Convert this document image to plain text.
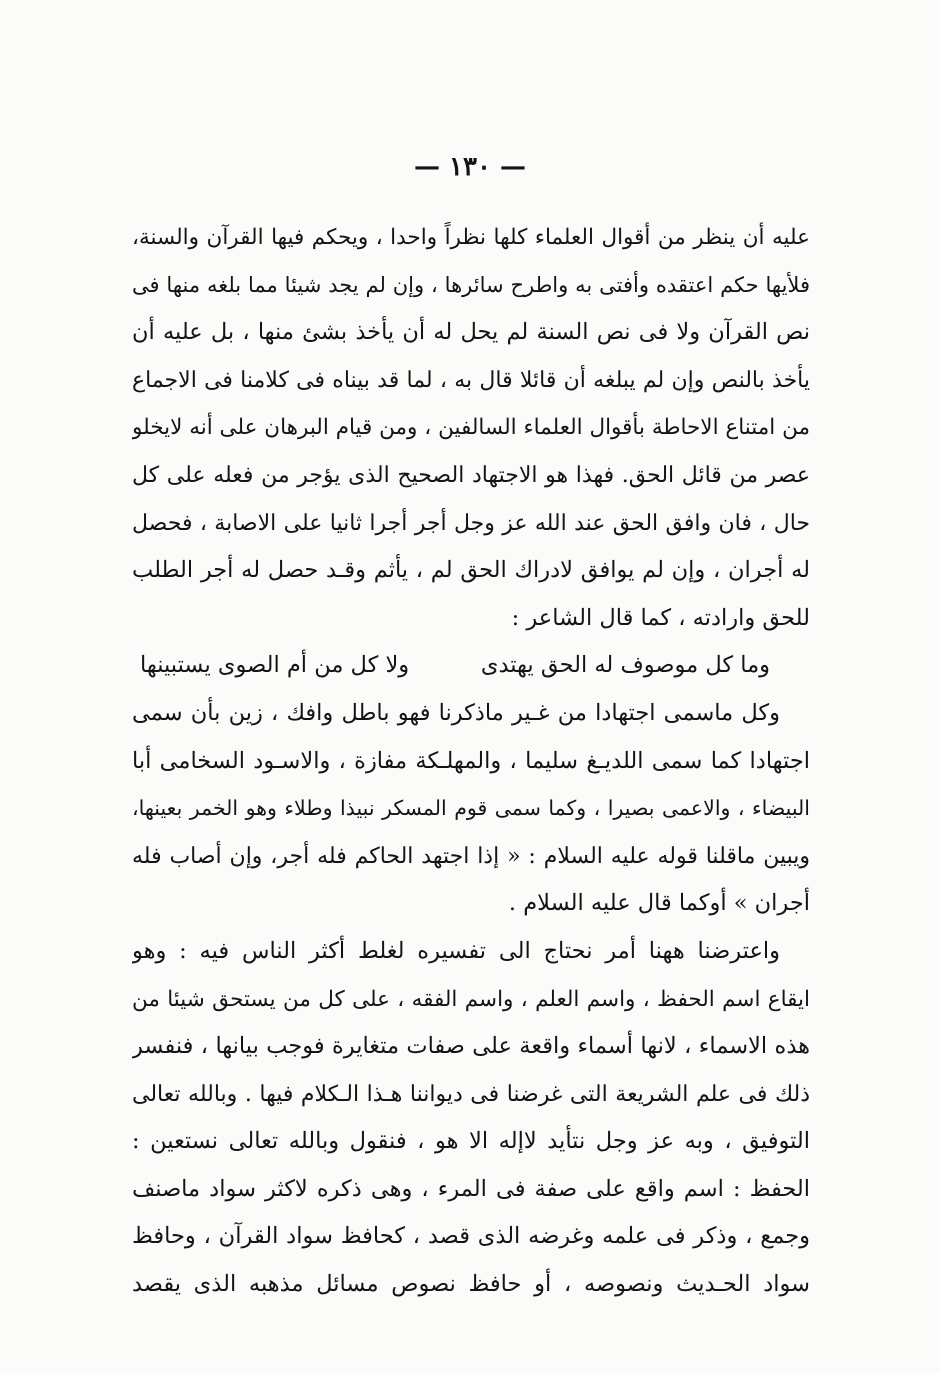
— ١٣٠ —
عليه أن ينظر من أقوال العلماء كلها نظراً واحدا ، ويحكم فيها القرآن والسنة،
فلأيها حكم اعتقده وأفتى به واطرح سائرها ، وإن لم يجد شيئا مما بلغه منها فى
نص القرآن ولا فى نص السنة لم يحل له أن يأخذ بشئ منها ، بل عليه أن
يأخذ بالنص وإن لم يبلغه أن قائلا قال به ، لما قد بيناه فى كلامنا فى الاجماع
من امتناع الاحاطة بأقوال العلماء السالفين ، ومن قيام البرهان على أنه لايخلو
عصر من قائل الحق. فهذا هو الاجتهاد الصحيح الذى يؤجر من فعله على كل
حال ، فان وافق الحق عند الله عز وجل أجر أجرا ثانيا على الاصابة ، فحصل
له أجران ، وإن لم يوافق لادراك الحق لم ، يأثم وقـد حصل له أجر الطلب
للحق وارادته ، كما قال الشاعر :
وما كل موصوف له الحق يهتدى
ولا كل من أم الصوى يستبينها
وكل ماسمى اجتهادا من غـير ماذكرنا فهو باطل وافك ، زين بأن سمى
اجتهادا كما سمى اللديـغ سليما ، والمهلـكة مفازة ، والاسـود السخامى أبا
البيضاء ، والاعمى بصيرا ، وكما سمى قوم المسكر نبيذا وطلاء وهو الخمر بعينها،
ويبين ماقلنا قوله عليه السلام : « إذا اجتهد الحاكم فله أجر، وإن أصاب فله
أجران » أوكما قال عليه السلام .
واعترضنا ههنا أمر نحتاج الى تفسيره لغلط أكثر الناس فيه : وهو
ايقاع اسم الحفظ ، واسم العلم ، واسم الفقه ، على كل من يستحق شيئا من
هذه الاسماء ، لانها أسماء واقعة على صفات متغايرة فوجب بيانها ، فنفسر
ذلك فى علم الشريعة التى غرضنا فى ديواننا هـذا الـكلام فيها . وبالله تعالى
التوفيق ، وبه عز وجل نتأيد لاإله الا هو ، فنقول وبالله تعالى نستعين :
الحفظ : اسم واقع على صفة فى المرء ، وهى ذكره لاكثر سواد ماصنف
وجمع ، وذكر فى علمه وغرضه الذى قصد ، كحافظ سواد القرآن ، وحافظ
سواد الحـديث ونصوصه ، أو حافظ نصوص مسائل مذهبه الذى يقصد
